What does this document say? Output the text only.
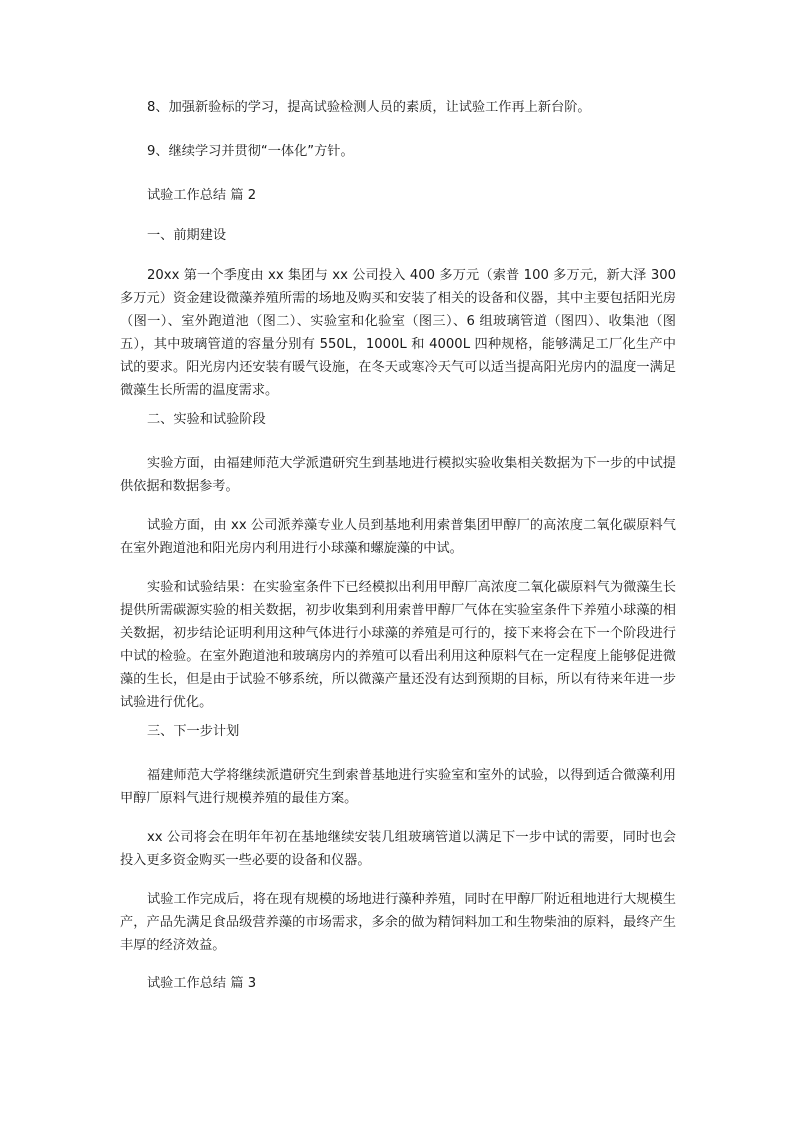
8、加强新验标的学习，提高试验检测人员的素质，让试验工作再上新台阶。

9、继续学习并贯彻“一体化”方针。

试验工作总结 篇 2

一、前期建设

20xx 第一个季度由 xx 集团与 xx 公司投入 400 多万元（索普 100 多万元，新大泽 300 多万元）资金建设微藻养殖所需的场地及购买和安装了相关的设备和仪器，其中主要包括阳光房（图一）、室外跑道池（图二）、实验室和化验室（图三）、6 组玻璃管道（图四）、收集池（图五），其中玻璃管道的容量分别有 550L，1000L 和 4000L 四种规格，能够满足工厂化生产中试的要求。阳光房内还安装有暖气设施，在冬天或寒冷天气可以适当提高阳光房内的温度一满足微藻生长所需的温度需求。

二、实验和试验阶段

实验方面，由福建师范大学派遣研究生到基地进行模拟实验收集相关数据为下一步的中试提供依据和数据参考。

试验方面，由 xx 公司派养藻专业人员到基地利用索普集团甲醇厂的高浓度二氧化碳原料气在室外跑道池和阳光房内利用进行小球藻和螺旋藻的中试。

实验和试验结果：在实验室条件下已经模拟出利用甲醇厂高浓度二氧化碳原料气为微藻生长提供所需碳源实验的相关数据，初步收集到利用索普甲醇厂气体在实验室条件下养殖小球藻的相关数据，初步结论证明利用这种气体进行小球藻的养殖是可行的，接下来将会在下一个阶段进行中试的检验。在室外跑道池和玻璃房内的养殖可以看出利用这种原料气在一定程度上能够促进微藻的生长，但是由于试验不够系统，所以微藻产量还没有达到预期的目标，所以有待来年进一步试验进行优化。

三、下一步计划

福建师范大学将继续派遣研究生到索普基地进行实验室和室外的试验，以得到适合微藻利用甲醇厂原料气进行规模养殖的最佳方案。

xx 公司将会在明年年初在基地继续安装几组玻璃管道以满足下一步中试的需要，同时也会投入更多资金购买一些必要的设备和仪器。

试验工作完成后，将在现有规模的场地进行藻种养殖，同时在甲醇厂附近租地进行大规模生产，产品先满足食品级营养藻的市场需求，多余的做为精饲料加工和生物柴油的原料，最终产生丰厚的经济效益。

试验工作总结 篇 3
